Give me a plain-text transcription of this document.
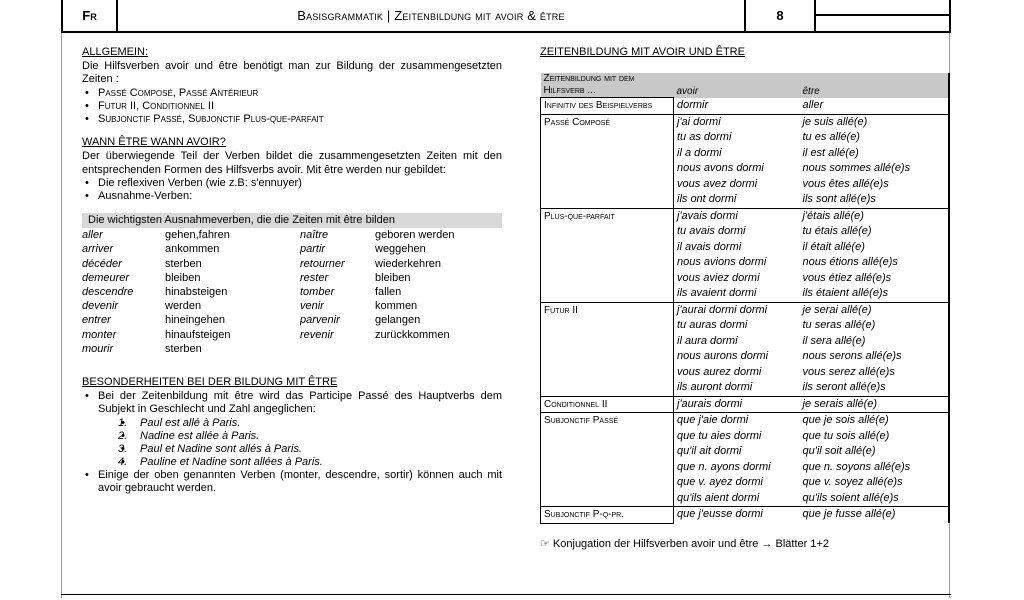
Fr	Basisgrammatik | Zeitenbildung mit avoir & être	8
ALLGEMEIN:

Die Hilfsverben avoir und être benötigt man zur Bildung der zusammengesetzten Zeiten :

• Passé Composé, Passé Antérieur
• Futur II, Conditionnel II
• Subjonctif Passé, Subjonctif Plus-que-parfait
WANN ÊTRE WANN AVOIR?

Der überwiegende Teil der Verben bildet die zusammengesetzten Zeiten mit den entsprechenden Formen des Hilfsverbs avoir. Mit être werden nur gebildet:

• Die reflexiven Verben (wie z.B: s'ennuyer)
• Ausnahme-Verben:
Die wichtigsten Ausnahmeverben, die die Zeiten mit être bilden
aller	gehen,fahren	naître	geboren werden
arriver	ankommen	partir	weggehen
décéder	sterben	retourner	wiederkehren
demeurer	bleiben	rester	bleiben
descendre	hinabsteigen	tomber	fallen
devenir	werden	venir	kommen
entrer	hineingehen	parvenir	gelangen
monter	hinaufsteigen	revenir	zurückkommen
mourir	sterben
BESONDERHEITEN BEI DER BILDUNG MIT ÊTRE

• Bei der Zeitenbildung mit être wird das Participe Passé des Hauptverbs dem Subjekt in Geschlecht und Zahl angeglichen:

• 1. Paul est allé à Paris.
• 2. Nadine est allée à Paris.
• 3. Paul et Nadine sont allés à Paris.
• 4. Pauline et Nadine sont allées à Paris.

• Einige der oben genannten Verben (monter, descendre, sortir) können auch mit avoir gebraucht werden.

ZEITENBILDUNG MIT AVOIR UND ÊTRE
Zeitenbildung mit dem Hilfsverb ...	avoir	être
Infinitiv des Beispielverbs	dormir	aller
Passé Composé	j'ai dormi	je suis allé(e)
	tu as dormi	tu es allé(e)
	il a dormi	il est allé(e)
	nous avons dormi	nous sommes allé(e)s
	vous avez dormi	vous êtes allé(e)s
	ils ont dormi	ils sont allé(e)s
Plus-que-parfait	j'avais dormi	j'étais allé(e)
	tu avais dormi	tu étais allé(e)
	il avais dormi	il était allé(e)
	nous avions dormi	nous étions allé(e)s
	vous aviez dormi	vous étiez allé(e)s
	ils avaient dormi	ils étaient allé(e)s
Futur II	j'aurai dormi dormi	je serai allé(e)
	tu auras dormi	tu seras allé(e)
	il aura dormi	il sera allé(e)
	nous aurons dormi	nous serons allé(e)s
	vous aurez dormi	vous serez allé(e)s
	ils auront dormi	ils seront allé(e)s
Conditionnel II	j'aurais dormi	je serais allé(e)
Subjonctif Passé	que j'aie dormi	que je sois allé(e)
	que tu aies dormi	que tu sois allé(e)
	qu'il ait dormi	qu'il soit allé(e)
	que n. ayons dormi	que n. soyons allé(e)s
	que v. ayez dormi	que v. soyez allé(e)s
	qu'ils aient dormi	qu'ils soient allé(e)s
Subjonctif P-q-pr.	que j'eusse dormi	que je fusse allé(e)
☞ Konjugation der Hilfsverben avoir und être → Blätter 1+2
